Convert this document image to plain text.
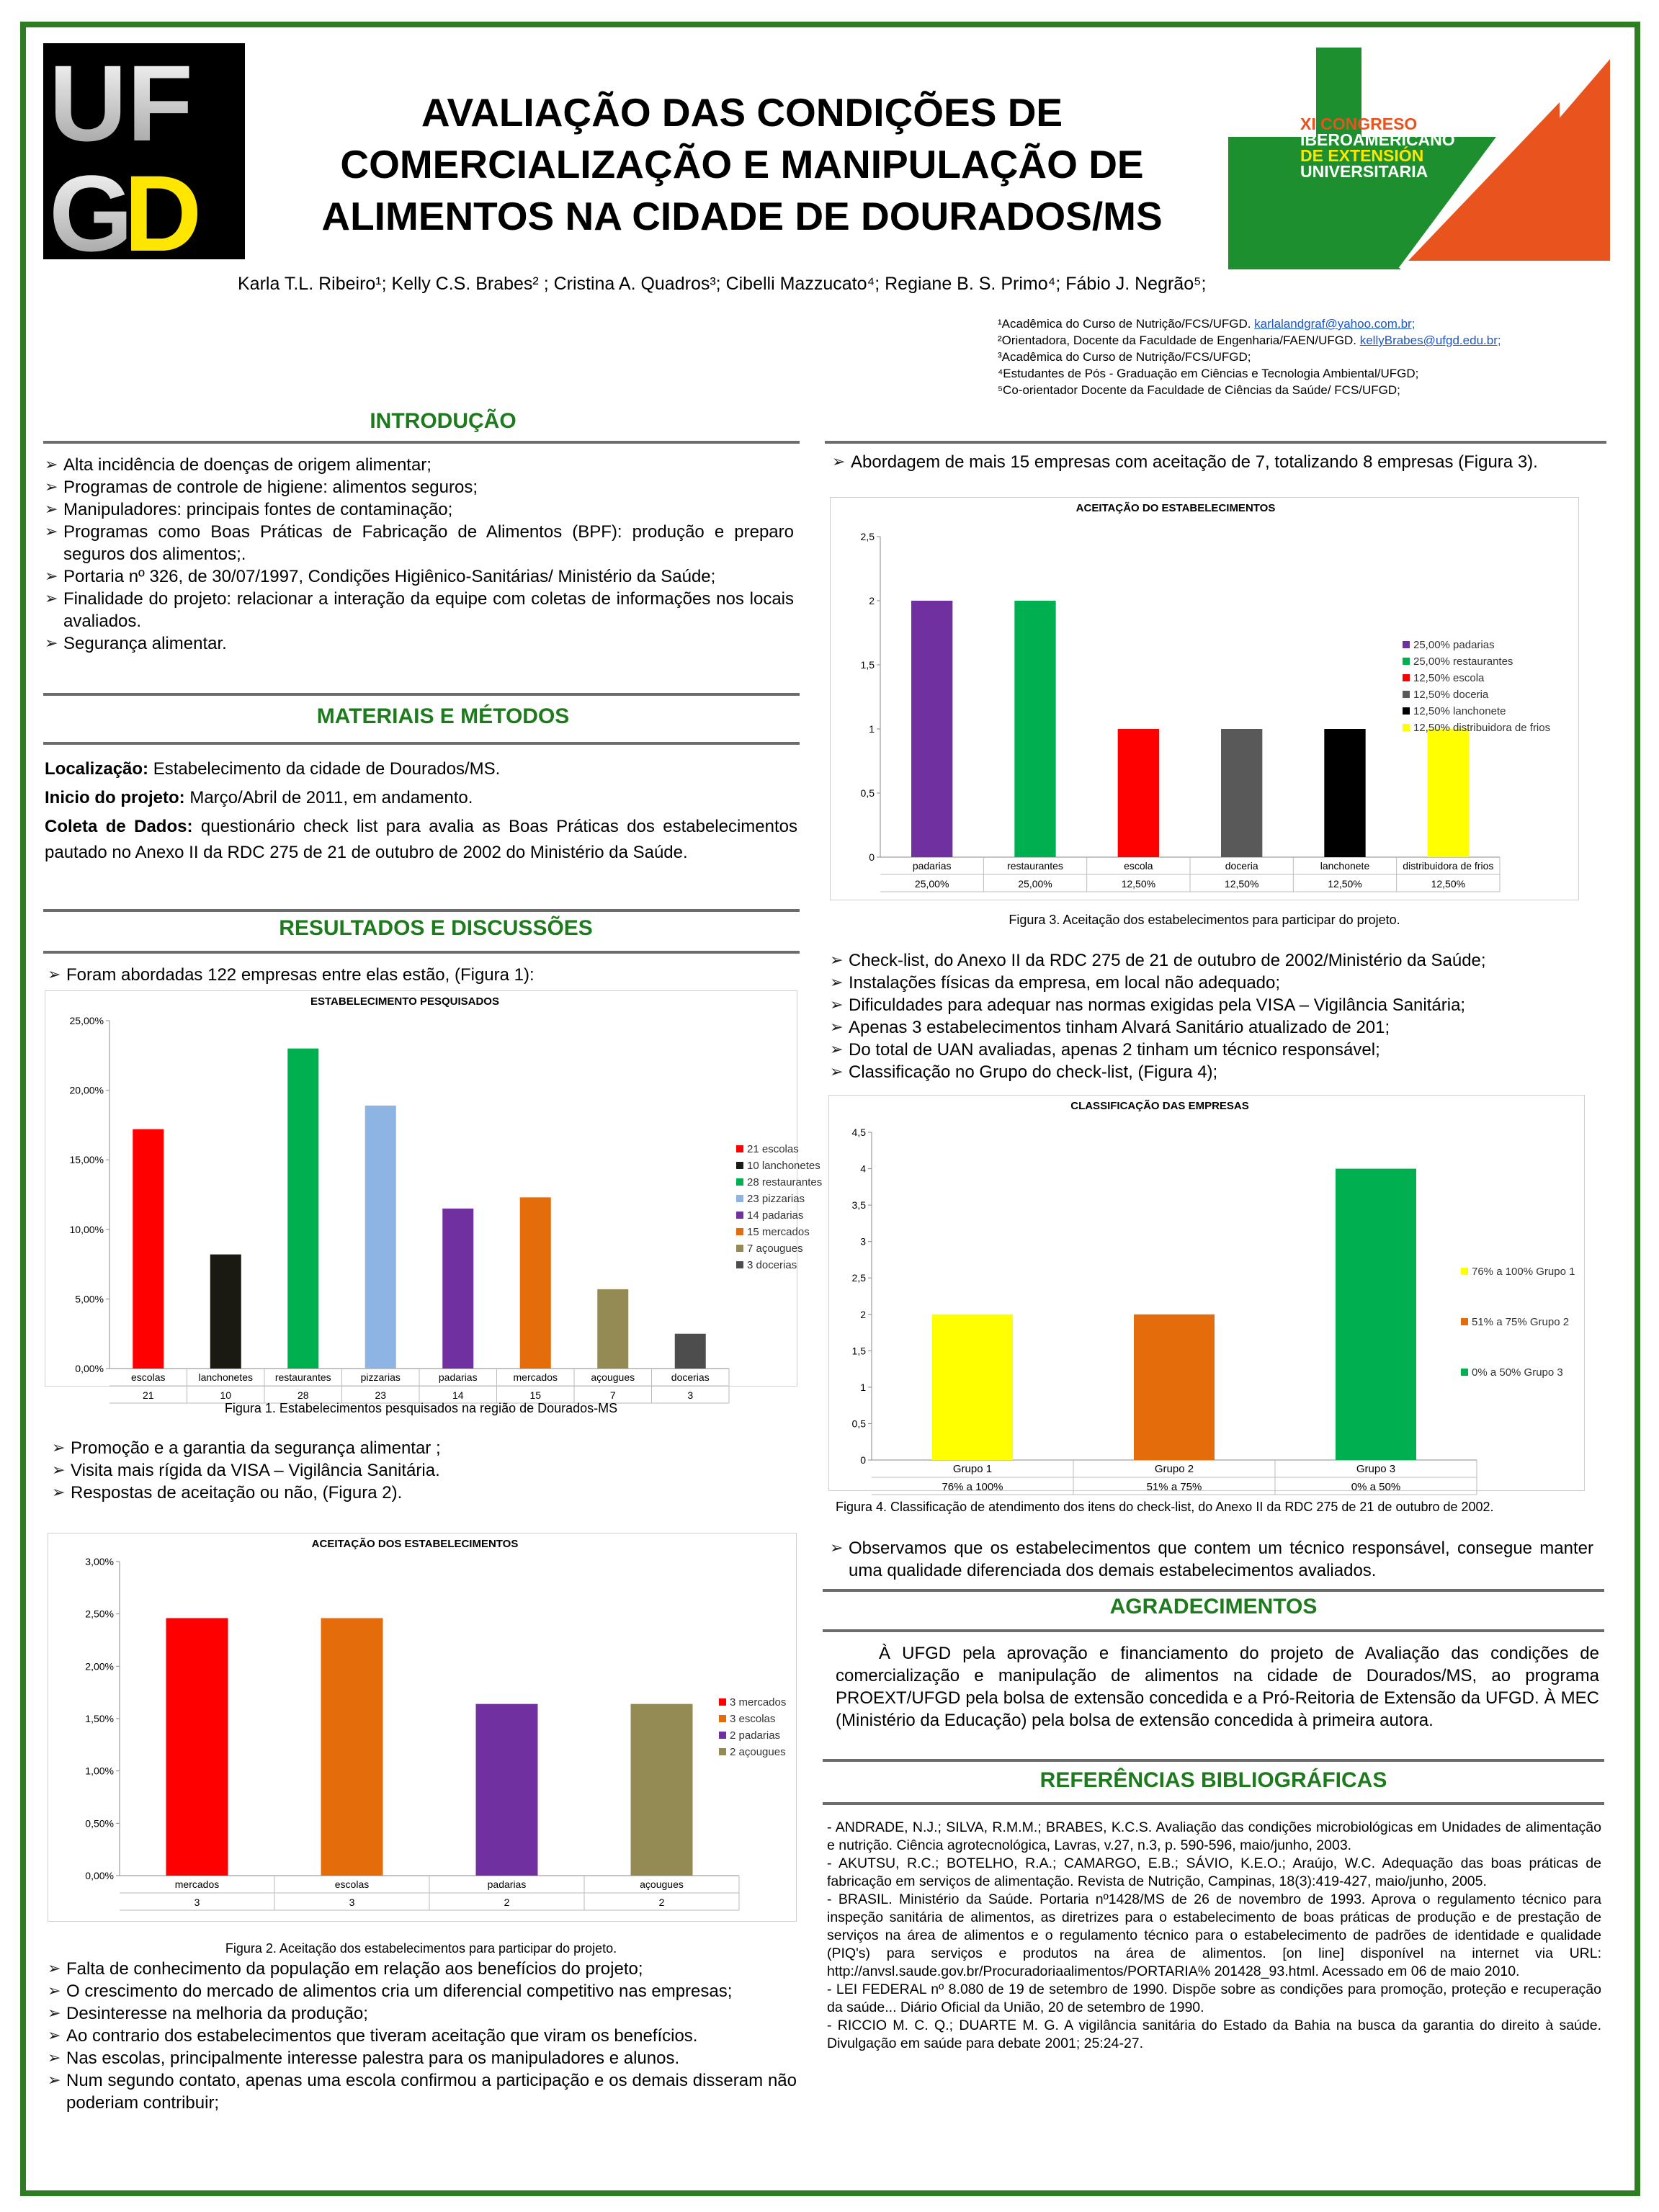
UF
G
D
AVALIAÇÃO DAS CONDIÇÕES DE
COMERCIALIZAÇÃO E MANIPULAÇÃO DE
ALIMENTOS NA CIDADE DE DOURADOS/MS
XI CONGRESO
IBEROAMERICANO
DE EXTENSIÓN
UNIVERSITARIA
Karla T.L. Ribeiro¹; Kelly C.S. Brabes² ; Cristina A. Quadros³; Cibelli Mazzucato⁴; Regiane B. S. Primo⁴; Fábio J. Negrão⁵;
¹Acadêmica do Curso de Nutrição/FCS/UFGD. karlalandgraf@yahoo.com.br;
²Orientadora, Docente da Faculdade de Engenharia/FAEN/UFGD. kellyBrabes@ufgd.edu.br;
³Acadêmica do Curso de Nutrição/FCS/UFGD;
⁴Estudantes de Pós - Graduação em Ciências e Tecnologia Ambiental/UFGD;
⁵Co-orientador Docente da Faculdade de Ciências da Saúde/ FCS/UFGD;
INTRODUÇÃO
➢ Alta incidência de doenças de origem alimentar;
➢ Programas de controle de higiene: alimentos seguros;
➢ Manipuladores: principais fontes de contaminação;
➢ Programas como Boas Práticas de Fabricação de Alimentos (BPF): produção e preparo seguros dos alimentos;.
➢ Portaria nº 326, de 30/07/1997, Condições Higiênico-Sanitárias/ Ministério da Saúde;
➢ Finalidade do projeto: relacionar a interação da equipe com coletas de informações nos locais avaliados.
➢ Segurança alimentar.
MATERIAIS E MÉTODOS
Localização: Estabelecimento da cidade de Dourados/MS.
Inicio do projeto: Março/Abril de 2011, em andamento.
Coleta de Dados: questionário check list para avalia as Boas Práticas dos estabelecimentos pautado no Anexo II da RDC 275 de 21 de outubro de 2002 do Ministério da Saúde.
RESULTADOS E DISCUSSÕES
➢ Foram abordadas 122 empresas entre elas estão, (Figura 1):
ESTABELECIMENTO PESQUISADOS
0,00%
5,00%
10,00%
15,00%
20,00%
25,00%
escolas
21
lanchonetes
10
restaurantes
28
pizzarias
23
padarias
14
mercados
15
açougues
7
docerias
3
21 escolas
10 lanchonetes
28 restaurantes
23 pizzarias
14 padarias
15 mercados
7 açougues
3 docerias
Figura 1. Estabelecimentos pesquisados na região de Dourados-MS
➢ Promoção e a garantia da segurança alimentar ;
➢ Visita mais rígida da VISA – Vigilância Sanitária.
➢ Respostas de aceitação ou não, (Figura 2).
ACEITAÇÃO DOS ESTABELECIMENTOS
0,00%
0,50%
1,00%
1,50%
2,00%
2,50%
3,00%
mercados
3
escolas
3
padarias
2
açougues
2
3 mercados
3 escolas
2 padarias
2 açougues
Figura 2. Aceitação dos estabelecimentos para participar do projeto.
➢ Falta de conhecimento da população em relação aos benefícios do projeto;
➢ O crescimento do mercado de alimentos cria um diferencial competitivo nas empresas;
➢ Desinteresse na melhoria da produção;
➢ Ao contrario dos estabelecimentos que tiveram aceitação que viram os benefícios.
➢ Nas escolas, principalmente interesse palestra para os manipuladores e alunos.
➢ Num segundo contato, apenas uma escola confirmou a participação e os demais disseram não poderiam contribuir;
➢ Abordagem de mais 15 empresas com aceitação de 7, totalizando 8 empresas (Figura 3).
ACEITAÇÃO DO ESTABELECIMENTOS
0
0,5
1
1,5
2
2,5
padarias
25,00%
restaurantes
25,00%
escola
12,50%
doceria
12,50%
lanchonete
12,50%
distribuidora de frios
12,50%
25,00% padarias
25,00% restaurantes
12,50% escola
12,50% doceria
12,50% lanchonete
12,50% distribuidora de frios
Figura 3. Aceitação dos estabelecimentos para participar do projeto.
➢ Check-list, do Anexo II da RDC 275 de 21 de outubro de 2002/Ministério da Saúde;
➢ Instalações físicas da empresa, em local não adequado;
➢ Dificuldades para adequar nas normas exigidas pela VISA – Vigilância Sanitária;
➢ Apenas 3 estabelecimentos tinham Alvará Sanitário atualizado de 201;
➢ Do total de UAN avaliadas, apenas 2 tinham um técnico responsável;
➢ Classificação no Grupo do check-list, (Figura 4);
CLASSIFICAÇÃO DAS EMPRESAS
0
0,5
1
1,5
2
2,5
3
3,5
4
4,5
Grupo 1
76% a 100%
Grupo 2
51% a 75%
Grupo 3
0% a 50%
76% a 100% Grupo 1
51% a 75% Grupo 2
0% a 50% Grupo 3
Figura 4. Classificação de atendimento dos itens do check-list, do Anexo II da RDC 275 de 21 de outubro de 2002.
➢ Observamos que os estabelecimentos que contem um técnico responsável, consegue manter uma qualidade diferenciada dos demais estabelecimentos avaliados.
AGRADECIMENTOS
À UFGD pela aprovação e financiamento do projeto de Avaliação das condições de comercialização e manipulação de alimentos na cidade de Dourados/MS, ao programa PROEXT/UFGD pela bolsa de extensão concedida e a Pró-Reitoria de Extensão da UFGD. À MEC (Ministério da Educação) pela bolsa de extensão concedida à primeira autora.
REFERÊNCIAS BIBLIOGRÁFICAS
- ANDRADE, N.J.; SILVA, R.M.M.; BRABES, K.C.S. Avaliação das condições microbiológicas em Unidades de alimentação e nutrição. Ciência agrotecnológica, Lavras, v.27, n.3, p. 590-596, maio/junho, 2003.
- AKUTSU, R.C.; BOTELHO, R.A.; CAMARGO, E.B.; SÁVIO, K.E.O.; Araújo, W.C. Adequação das boas práticas de fabricação em serviços de alimentação. Revista de Nutrição, Campinas, 18(3):419-427, maio/junho, 2005.
- BRASIL. Ministério da Saúde. Portaria nº1428/MS de 26 de novembro de 1993. Aprova o regulamento técnico para inspeção sanitária de alimentos, as diretrizes para o estabelecimento de boas práticas de produção e de prestação de serviços na área de alimentos e o regulamento técnico para o estabelecimento de padrões de identidade e qualidade (PIQ's) para serviços e produtos na área de alimentos. [on line] disponível na internet via URL: http://anvsl.saude.gov.br/Procuradoriaalimentos/PORTARIA% 201428_93.html. Acessado em 06 de maio 2010.
- LEI FEDERAL nº 8.080 de 19 de setembro de 1990. Dispõe sobre as condições para promoção, proteção e recuperação da saúde... Diário Oficial da União, 20 de setembro de 1990.
- RICCIO M. C. Q.; DUARTE M. G. A vigilância sanitária do Estado da Bahia na busca da garantia do direito à saúde. Divulgação em saúde para debate 2001; 25:24-27.
